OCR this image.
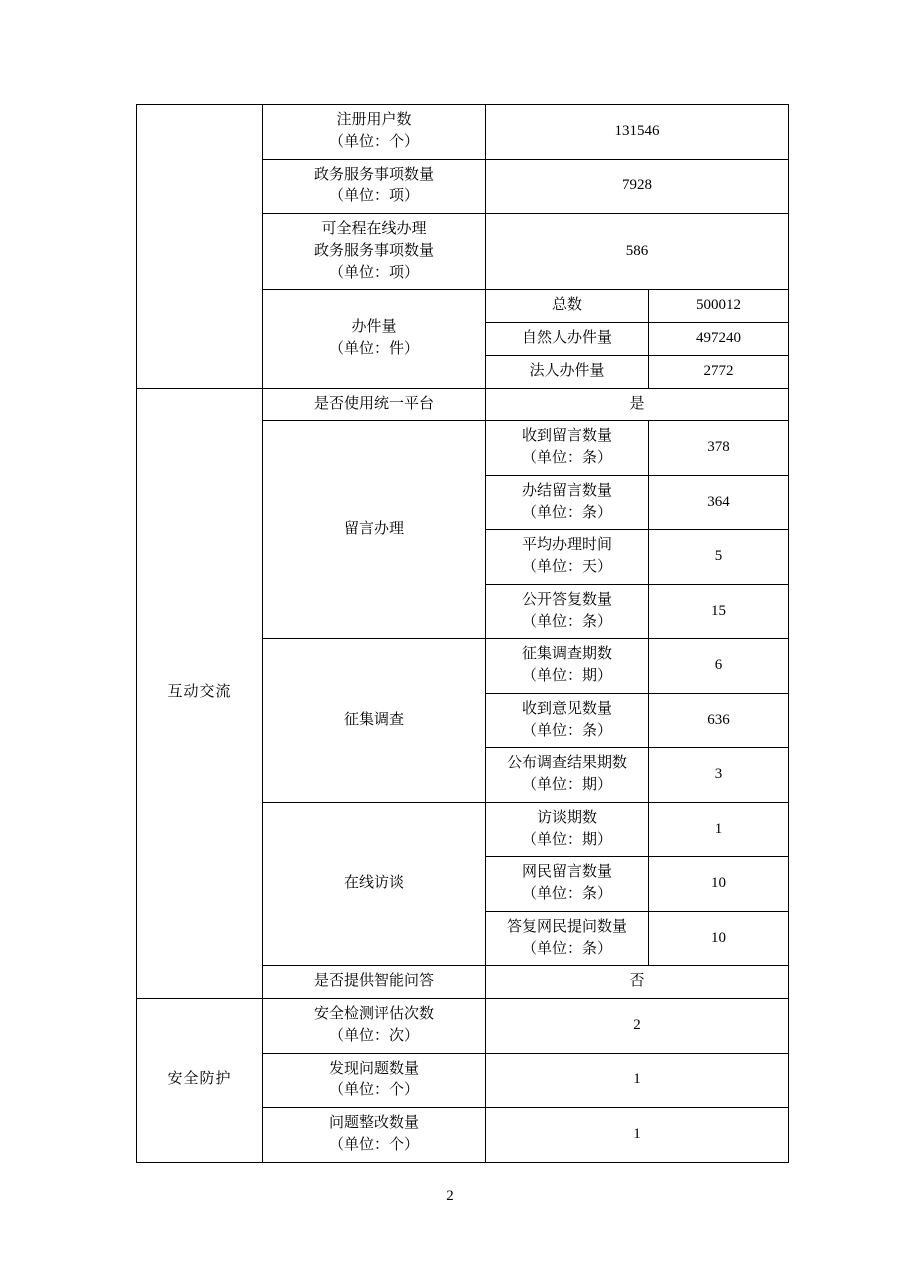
	注册用户数
（单位：个）	131546	

	政务服务事项数量
（单位：项）	7928	

	可全程在线办理
政务服务事项数量
（单位：项）	586	

	办件量
（单位：件）	总数	500012
		自然人办件量	497240
		法人办件量	2772
互动交流	是否使用统一平台	是	
	留言办理	收到留言数量
（单位：条）	378

		办结留言数量
（单位：条）	364

		平均办理时间
（单位：天）	5

		公开答复数量
（单位：条）	15
	征集调查	征集调查期数
（单位：期）	6

		收到意见数量
（单位：条）	636

		公布调查结果期数
（单位：期）	3
	在线访谈	访谈期数
（单位：期）	1

		网民留言数量
（单位：条）	10

		答复网民提问数量
（单位：条）	10
	是否提供智能问答	否	
安全防护	安全检测评估次数
（单位：次）	2	

	发现问题数量
（单位：个）	1	

	问题整改数量
（单位：个）	1	
2
